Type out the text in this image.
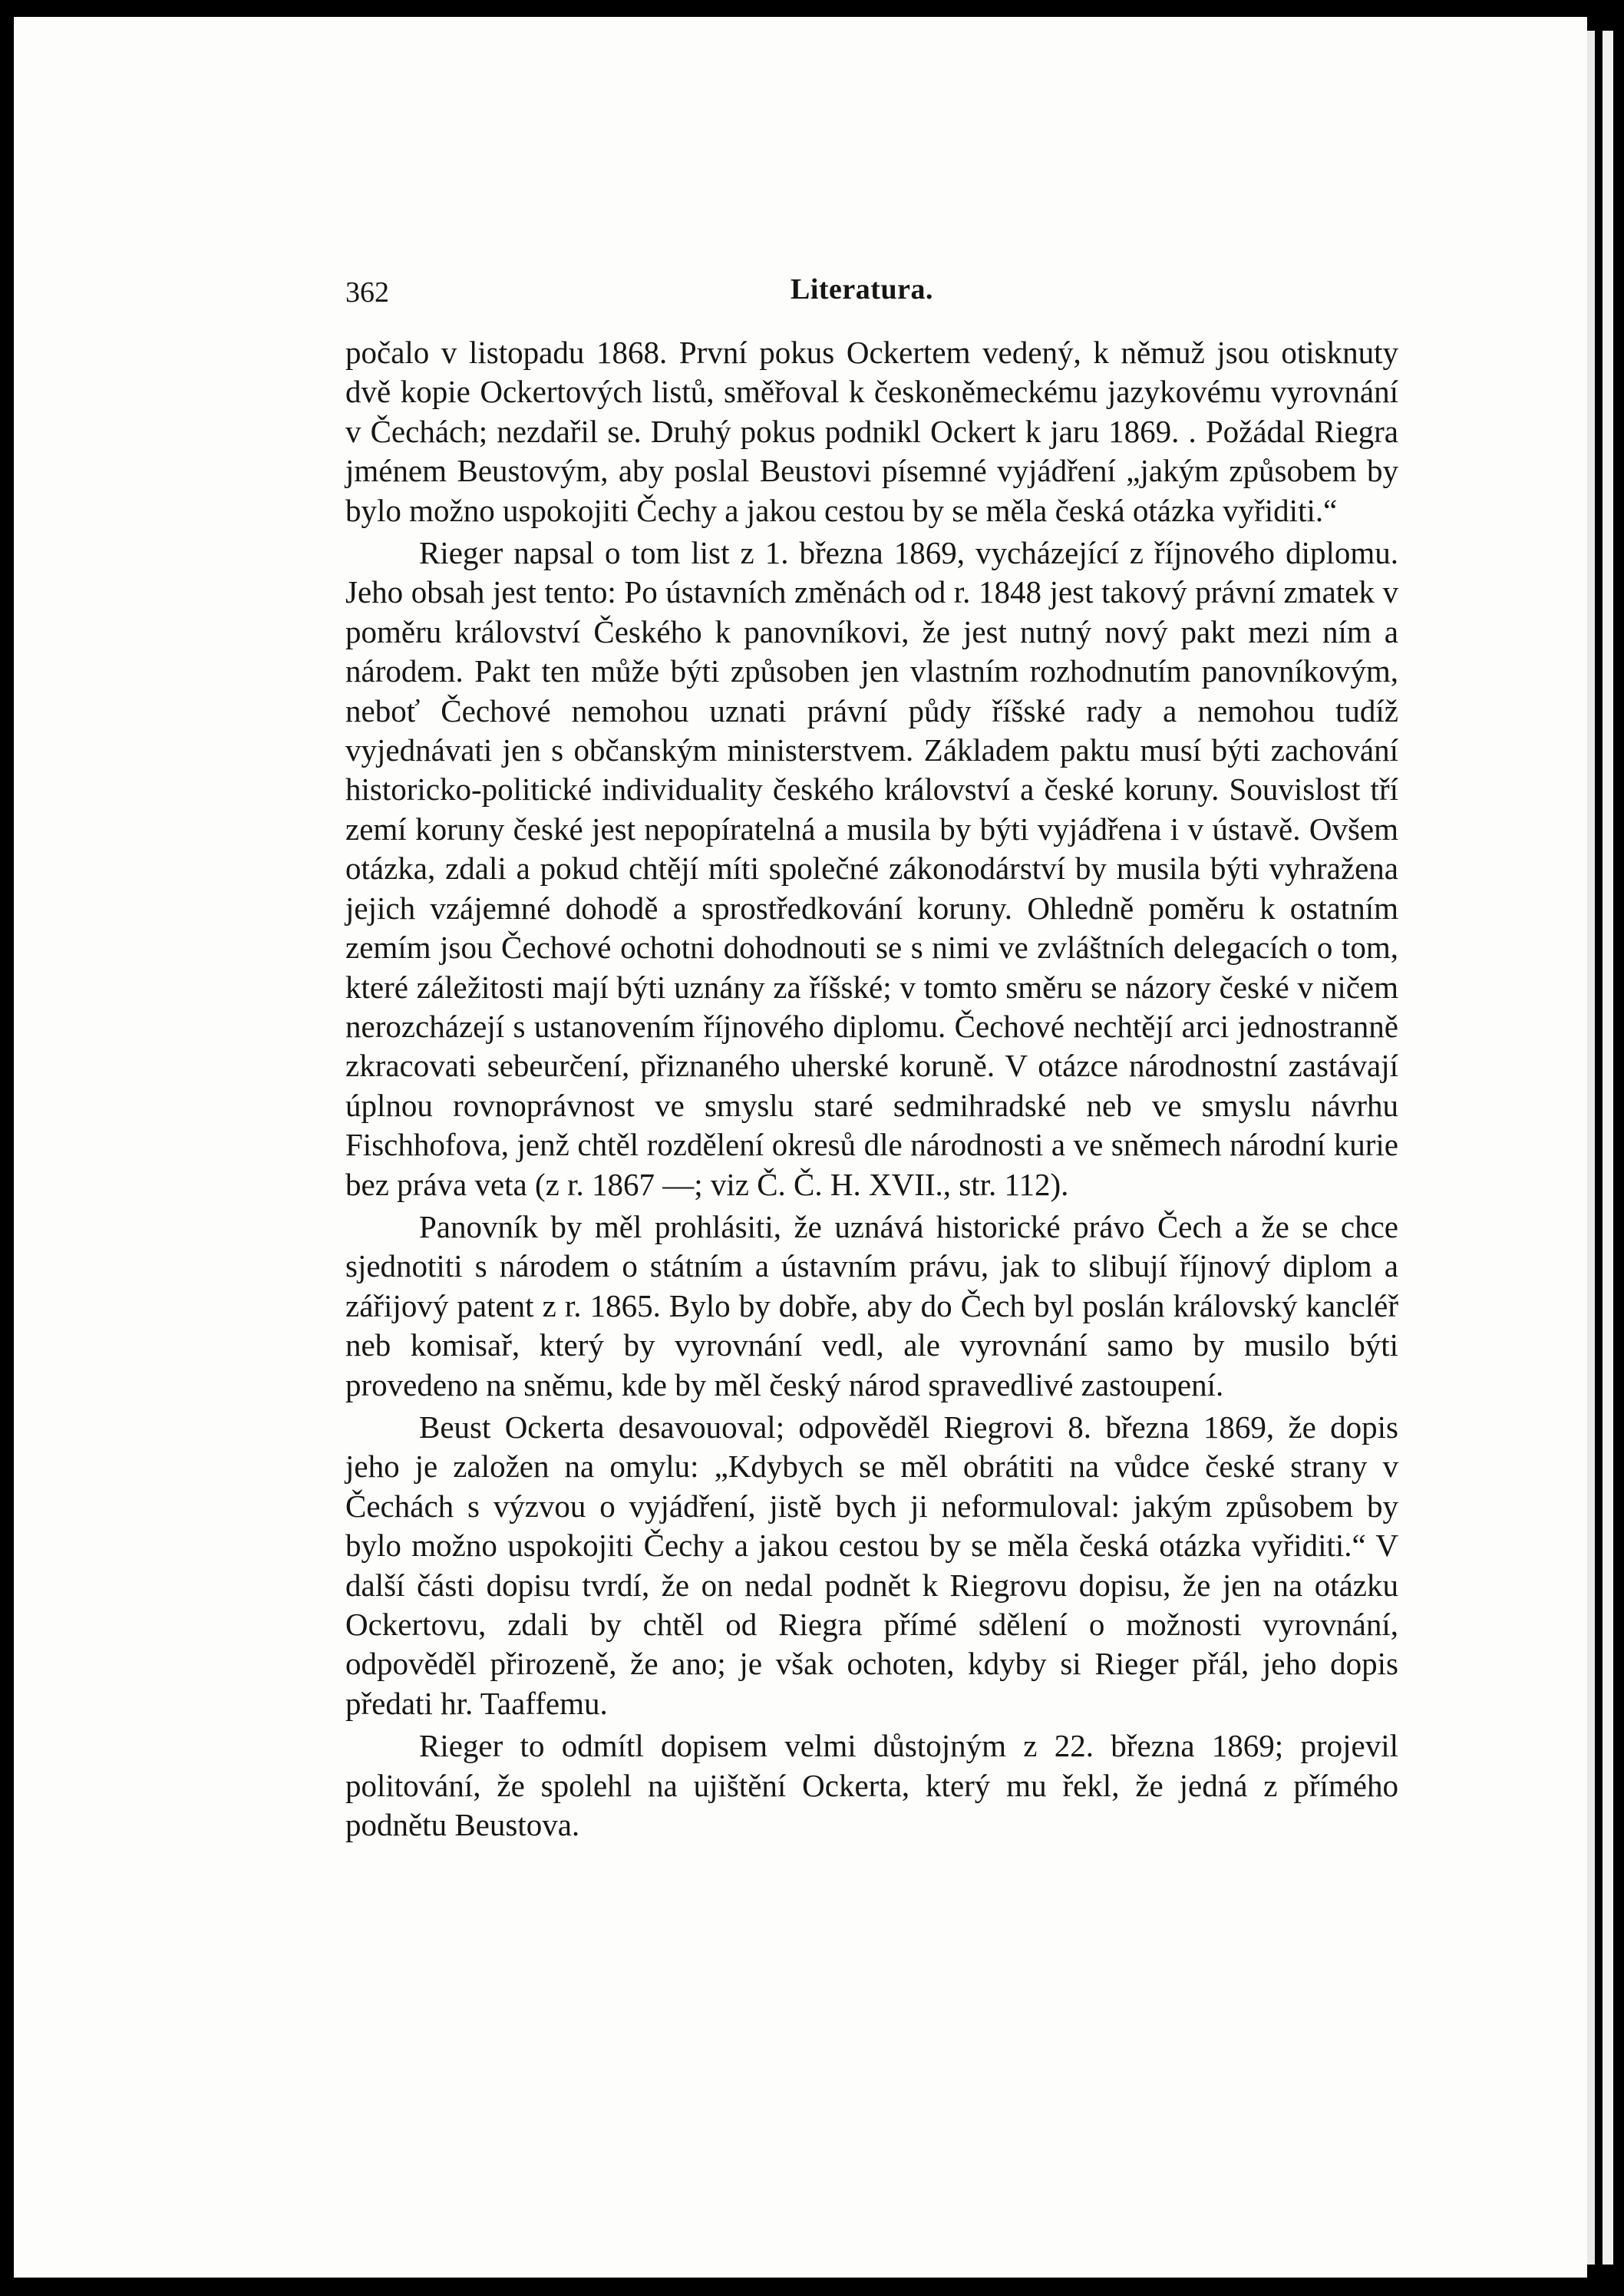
362	Literatura.

počalo v listopadu 1868. První pokus Ockertem vedený, k němuž jsou otisknuty dvě kopie Ockertových listů, směřoval k českoněmeckému jazykovému vyrovnání v Čechách; nezdařil se. Druhý pokus podnikl Ockert k jaru 1869. . Požádal Riegra jménem Beustovým, aby poslal Beustovi písemné vyjádření „jakým způsobem by bylo možno uspokojiti Čechy a jakou cestou by se měla česká otázka vyřiditi.“

Rieger napsal o tom list z 1. března 1869, vycházející z říjnového diplomu. Jeho obsah jest tento: Po ústavních změnách od r. 1848 jest takový právní zmatek v poměru království Českého k panovníkovi, že jest nutný nový pakt mezi ním a národem. Pakt ten může býti způsoben jen vlastním rozhodnutím panovníkovým, neboť Čechové nemohou uznati právní půdy říšské rady a nemohou tudíž vyjednávati jen s občanským ministerstvem. Základem paktu musí býti zachování historicko-politické individuality českého království a české koruny. Souvislost tří zemí koruny české jest nepopíratelná a musila by býti vyjádřena i v ústavě. Ovšem otázka, zdali a pokud chtějí míti společné zákonodárství by musila býti vyhražena jejich vzájemné dohodě a sprostředkování koruny. Ohledně poměru k ostatním zemím jsou Čechové ochotni dohodnouti se s nimi ve zvláštních delegacích o tom, které záležitosti mají býti uznány za říšské; v tomto směru se názory české v ničem nerozcházejí s ustanovením říjnového diplomu. Čechové nechtějí arci jednostranně zkracovati sebeurčení, přiznaného uherské koruně. V otázce národnostní zastávají úplnou rovnoprávnost ve smyslu staré sedmihradské neb ve smyslu návrhu Fischhofova, jenž chtěl rozdělení okresů dle národnosti a ve sněmech národní kurie bez práva veta (z r. 1867 —; viz Č. Č. H. XVII., str. 112).

Panovník by měl prohlásiti, že uznává historické právo Čech a že se chce sjednotiti s národem o státním a ústavním právu, jak to slibují říjnový diplom a zářijový patent z r. 1865. Bylo by dobře, aby do Čech byl poslán královský kancléř neb komisař, který by vyrovnání vedl, ale vyrovnání samo by musilo býti provedeno na sněmu, kde by měl český národ spravedlivé zastoupení.

Beust Ockerta desavouoval; odpověděl Riegrovi 8. března 1869, že dopis jeho je založen na omylu: „Kdybych se měl obrátiti na vůdce české strany v Čechách s výzvou o vyjádření, jistě bych ji neformuloval: jakým způsobem by bylo možno uspokojiti Čechy a jakou cestou by se měla česká otázka vyřiditi.“ V další části dopisu tvrdí, že on nedal podnět k Riegrovu dopisu, že jen na otázku Ockertovu, zdali by chtěl od Riegra přímé sdělení o možnosti vyrovnání, odpověděl přirozeně, že ano; je však ochoten, kdyby si Rieger přál, jeho dopis předati hr. Taaffemu.

Rieger to odmítl dopisem velmi důstojným z 22. března 1869; projevil politování, že spolehl na ujištění Ockerta, který mu řekl, že jedná z přímého podnětu Beustova.
